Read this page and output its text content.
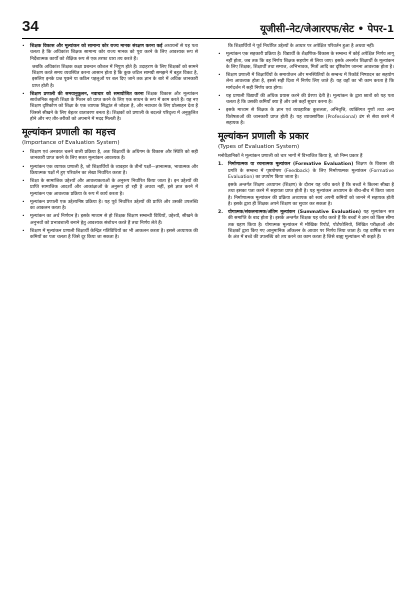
34	यूजीसी-नेट/जेआरएफ/सेट • पेपर-1
• शिक्षक विकास और मूल्यांकन को सामान्य कोर राज्य मानक संरक्षण करना कई अध्ययनों से यह पता चलता है कि अधिकांश शिक्षक सामान्य कोर राज्य मानक को पूरा करने के लिए आवश्यक रूप से निर्देशात्मक कार्यों को शैक्षिक रूप से एक तरफा धारा तय करते हैं।

जबकि अधिकांश शिक्षक कक्षा प्रबन्धन कौशल में निपुण होते हैं। उदाहरण के लिए शिक्षकों को सामने शिक्षण करते समय व्यवस्थित करना आसान होता है कि कुछ जटिल सामग्री समझने में बहुत विकट है, इसलिए इनके प्रश्न पूछने या कठिन पहलुओं पर बल दिए जाने तक ज्ञान के बारे में अधिक जानकारी प्राप्त होती है।

• शिक्षण प्रणाली की समयानुकूलन, नवाचार को समायोजित करना शिक्षक विकास और मूल्यांकन सार्वजनिक स्कूली शिक्षा के मिशन को प्राप्त करने के लिए एक साधन के रूप में काम करते हैं। यह नए शिक्षण दृष्टिकोण को शिक्षा के एक व्यापक सिद्धांत से जोड़ता है, और नवाचार के लिए प्रोत्साहन देता है जिससे सीखने के लिए बेहतर वातावरण बनता है। शिक्षकों को प्रणाली के बदलते परिदृश्य में अनुकूलित होने और नए तौर-तरीकों को अपनाने में मदद मिलती है।
मूल्यांकन प्रणाली का महत्त्व
(Importance of Evaluation System)
• शिक्षण एवं अनवरत चलने वाली प्रक्रिया है, अतः शिक्षार्थी के अधिगम के विकास और स्थिति को सही जानकारी प्राप्त करने के लिए सतत मूल्यांकन आवश्यक है।
• मूल्यांकन एक व्यापक प्रणाली है, जो शिक्षार्थियों के व्यवहार के तीनों पक्षों—ज्ञानात्मक, भावात्मक और क्रियात्मक पक्षों में हुए परिवर्तन का लेखा निर्धारित करता है।
• शिक्षा के सामाजिक उद्देश्यों और आवश्यकताओं के अनुरूप निर्धारित किया जाता है। इन उद्देश्यों की प्राप्ति सामाजिक आदर्शों और आकांक्षाओं के अनुरूप हो रही है अथवा नहीं, इसे ज्ञात करने में मूल्यांकन एक आवश्यक प्रक्रिया के रूप में कार्य करता है।
• मूल्यांकन प्रणाली एक उद्देश्यनिष्ठ प्रक्रिया है। यह पूर्व निर्धारित उद्देश्यों की प्राप्ति और उसकी उपलब्धि का आकलन करता है।
• मूल्यांकन का अर्थ निर्णयन है। इसके माध्यम से हो शिक्षक शिक्षण सम्बन्धी विधियों, उद्देश्यों, सीखने के अनुभवों को प्रभावशाली बनाने हेतु आवश्यक संशोधन करते हैं तथा निर्णय लेते हैं।
• शिक्षण में मूल्यांकन प्रणाली शिक्षार्थी केन्द्रित गतिविधियों का भी आकलन करता है। इससे अध्यापक की कमियों का पता चलता है जिसे दूर किया जा सकता है।

कि शिक्षार्थियों ने पूर्व निर्धारित उद्देश्यों के आधार पर अपेक्षित परिवर्तन हुआ है अथवा नहीं।

• मूल्यांकन एक सहकारी प्रक्रिया है। विद्यार्थी के शैक्षणिक-विकास के सम्बन्ध में कोई अपेक्षित निर्णय लागू नहीं होता, जब तक कि वह निर्णय शिक्षक सहयोग से लिया जाए। इसके अन्तर्गत शिक्षार्थी के मूल्यांकन के लिए शिक्षक, शिक्षार्थी तथा समाज, अभिभावक, मित्रों आदि का दृष्टिकोण जानना आवश्यक होता है।
• शिक्षण प्रणाली में शिक्षार्थियों के समायोजन और मनस्थितियों के सम्बन्ध में रिकॉर्ड निष्पादन का सहयोग लेना आवश्यक होता है, इससे सही दिशा में निर्णय लिए जाते हैं। यह वहाँ का भी काम करता है कि मार्गदर्शन में सही निर्णय क्या होगा।
• यह प्रणाली विद्यार्थी की अधिक प्रयास करने की प्रेरणा देती है। मूल्यांकन के द्वारा छात्रों को यह पता चलता है कि उसकी कमियाँ क्या हैं और उसे कहाँ सुधार करना है।
• इसके माध्यम से शिक्षक के ज्ञान एवं व्यवहारिक कुशलता, अभिवृत्ति, व्यक्तिगत गुणों तथा अन्य विशेषताओं की जानकारी प्राप्त होती है। यह व्यावसायिक (Professional) ढंग से सेवा करने में सहायक है।
मूल्यांकन प्रणाली के प्रकार
(Types of Evaluation System)

मनोवैज्ञानिकों ने मूल्यांकन प्रणाली को चार भागों में विभाजित किया है, जो निम्न प्रकार हैं

1. निर्माणात्मक या रचनात्मक मूल्यांकन (Formative Evaluation) शिक्षण के विकास की प्रगति के सम्बन्ध में पृष्ठपोषण (Feedback) के लिए निर्माणात्मक मूल्यांकन (Formative Evaluation) का उपयोग किया जाता है।

इसके अन्तर्गत शिक्षण अध्यापन (शिक्षण) के दौरान यह जाँच करते हैं कि बच्चों ने कितना सीखा है तथा इसका पता करने में सहायता प्राप्त होती है। यह मूल्यांकन अध्यापन के बीच-बीच में किया जाता है। निर्माणात्मक मूल्यांकन की प्रक्रिया अध्यापक को स्वयं अपनी कमियों को जानने में सहायक होती है। इसके द्वारा ही शिक्षक अपने शिक्षण का सुधार कर सकता है।

2. योगात्मक/संकलनात्मक/अंतिम मूल्यांकन (Summative Evaluation) यह मूल्यांकन सत्र की समाप्ति के बाद होता है। इसके अन्तर्गत शिक्षक यह जाँच करते हैं कि बच्चों ने ज्ञान को किस सीमा तक ग्रहण किया है। योगात्मक मूल्यांकन में मौखिक रिपोर्ट, पोर्टफोलियो, लिखित परीक्षाओं और शिक्षकों द्वारा किए गए आनुमानिक आँकलन के आधार पर निर्णय लिया जाता है। यह वार्षिक या सत्र के अंत में बच्चे की उपलब्धि को तय करने का काम करता है जिसे बाह्य मूल्यांकन भी कहते हैं।
